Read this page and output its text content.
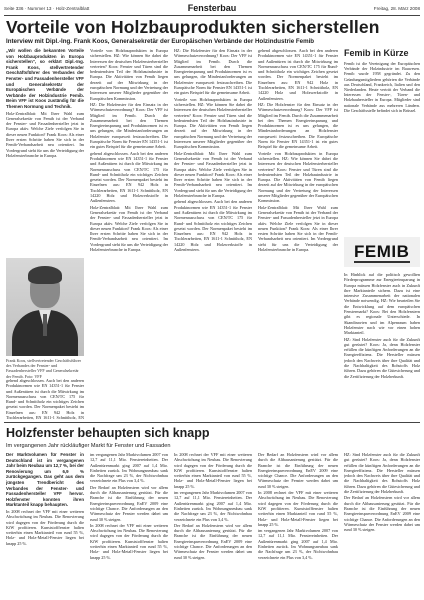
Seite 336 · Nummer 13 · Holz-Zentralblatt	Fensterbau	Freitag, 28. März 2008
Vorteile von Holzbauprodukten sicherstellen
Interview mit Dipl.-Ing. Frank Koos, Generalsekretär der Europäischen Verbände der Holzindustrie Femib

„Wir wollen die bekannten Vorteile von Holzbauprodukten in Europa sicherstellen“, so erklärt Dipl.-Ing. Frank Koos, stellvertretender Geschäftsführer des Verbandes der Fenster- und Fassadenhersteller VFF und Generalsekretär der Europäischen Verbände der Verbände der Holzindustrie Femib. Beim VFF ist Koos zuständig für die Themen Normung und Technik.

Holz-Zentralblatt: Mit Ihrer Wahl zum Generalsekretär von Femib ist der Verband der Fenster- und Fassadenhersteller jetzt in Europa aktiv. Welche Ziele verfolgen Sie in dieser neuen Funktion? Frank Koos: Als einer Ihrer ersten Schritte haben Sie sich in der Femib-Verbandsarbeit neu orientiert. Im Vordergrund steht für uns die Verteidigung der Holzfensterbranche in Europa.

Frank Koos, stellvertretender Geschäftsführer des Verbandes der Fenster- und Fassadenhersteller VFF und Generalsekretär der Femib. Foto: VFF

gehend abgeschlossen. Auch bei den anderen Produktnormen wie EN 14351-1 für Fenster und Außentüren ist durch die Mitwirkung im Normenausschuss von CEN/TC 175 für Rund- und Schnittholz ein wichtiges Zeichen gesetzt worden. Der Normenpaket besteht im Einzelnen aus: EN 942 Holz in Tischlerarbeiten, EN 1611-1 Schnittholz, EN

Vorteile von Holzbauprodukten in Europa sicherstellen. HZ: Wie können Sie dabei die Interessen der deutschen Holzfensterhersteller vertreten? Koos: Fenster und Türen sind die bedeutendsten Teil der Holzbauindustrie in Europa. Die Aktivitäten von Femib liegen derzeit auf der Mitwirkung in der europäischen Normung und der Vertretung der Interessen unserer Mitglieder gegenüber der Europäischen Kommission.

HZ: Die Holzfenster für den Einsatz in der Wärmeschutzverordnung? Koos: Der VFF ist Mitglied im Femib. Durch die Zusammenarbeit bei den Themen Energieeinsparung und Produktnormen ist es uns gelungen, die Mindestanforderungen an Holzfenster europaweit festzuschreiben. Die Europäische Norm für Fenster EN 14351-1 ist ein gutes Beispiel für die gemeinsame Arbeit.

gehend abgeschlossen. Auch bei den anderen Produktnormen wie EN 14351-1 für Fenster und Außentüren ist durch die Mitwirkung im Normenausschuss von CEN/TC 175 für Rund- und Schnittholz ein wichtiges Zeichen gesetzt worden. Der Normenpaket besteht im Einzelnen aus: EN 942 Holz in Tischlerarbeiten, EN 1611-1 Schnittholz, EN 14220 Holz und Holzwerkstoffe in Außenfenstern.

Holz-Zentralblatt: Mit Ihrer Wahl zum Generalsekretär von Femib ist der Verband der Fenster- und Fassadenhersteller jetzt in Europa aktiv. Welche Ziele verfolgen Sie in dieser neuen Funktion? Frank Koos: Als einer Ihrer ersten Schritte haben Sie sich in der Femib-Verbandsarbeit neu orientiert. Im Vordergrund steht für uns die Verteidigung der Holzfensterbranche in Europa.

HZ: Die Holzfenster für den Einsatz in der Wärmeschutzverordnung? Koos: Der VFF ist Mitglied im Femib. Durch die Zusammenarbeit bei den Themen Energieeinsparung und Produktnormen ist es uns gelungen, die Mindestanforderungen an Holzfenster europaweit festzuschreiben. Die Europäische Norm für Fenster EN 14351-1 ist ein gutes Beispiel für die gemeinsame Arbeit.

Vorteile von Holzbauprodukten in Europa sicherstellen. HZ: Wie können Sie dabei die Interessen der deutschen Holzfensterhersteller vertreten? Koos: Fenster und Türen sind die bedeutendsten Teil der Holzbauindustrie in Europa. Die Aktivitäten von Femib liegen derzeit auf der Mitwirkung in der europäischen Normung und der Vertretung der Interessen unserer Mitglieder gegenüber der Europäischen Kommission.

Holz-Zentralblatt: Mit Ihrer Wahl zum Generalsekretär von Femib ist der Verband der Fenster- und Fassadenhersteller jetzt in Europa aktiv. Welche Ziele verfolgen Sie in dieser neuen Funktion? Frank Koos: Als einer Ihrer ersten Schritte haben Sie sich in der Femib-Verbandsarbeit neu orientiert. Im Vordergrund steht für uns die Verteidigung der Holzfensterbranche in Europa.

gehend abgeschlossen. Auch bei den anderen Produktnormen wie EN 14351-1 für Fenster und Außentüren ist durch die Mitwirkung im Normenausschuss von CEN/TC 175 für Rund- und Schnittholz ein wichtiges Zeichen gesetzt worden. Der Normenpaket besteht im Einzelnen aus: EN 942 Holz in Tischlerarbeiten, EN 1611-1 Schnittholz, EN 14220 Holz und Holzwerkstoffe in Außenfenstern.

gehend abgeschlossen. Auch bei den anderen Produktnormen wie EN 14351-1 für Fenster und Außentüren ist durch die Mitwirkung im Normenausschuss von CEN/TC 175 für Rund- und Schnittholz ein wichtiges Zeichen gesetzt worden. Der Normenpaket besteht im Einzelnen aus: EN 942 Holz in Tischlerarbeiten, EN 1611-1 Schnittholz, EN 14220 Holz und Holzwerkstoffe in Außenfenstern.

HZ: Die Holzfenster für den Einsatz in der Wärmeschutzverordnung? Koos: Der VFF ist Mitglied im Femib. Durch die Zusammenarbeit bei den Themen Energieeinsparung und Produktnormen ist es uns gelungen, die Mindestanforderungen an Holzfenster europaweit festzuschreiben. Die Europäische Norm für Fenster EN 14351-1 ist ein gutes Beispiel für die gemeinsame Arbeit.

Vorteile von Holzbauprodukten in Europa sicherstellen. HZ: Wie können Sie dabei die Interessen der deutschen Holzfensterhersteller vertreten? Koos: Fenster und Türen sind die bedeutendsten Teil der Holzbauindustrie in Europa. Die Aktivitäten von Femib liegen derzeit auf der Mitwirkung in der europäischen Normung und der Vertretung der Interessen unserer Mitglieder gegenüber der Europäischen Kommission.

Holz-Zentralblatt: Mit Ihrer Wahl zum Generalsekretär von Femib ist der Verband der Fenster- und Fassadenhersteller jetzt in Europa aktiv. Welche Ziele verfolgen Sie in dieser neuen Funktion? Frank Koos: Als einer Ihrer ersten Schritte haben Sie sich in der Femib-Verbandsarbeit neu orientiert. Im Vordergrund steht für uns die Verteidigung der Holzfensterbranche in Europa.

Femib in Kürze
Femib ist die Vereinigung der Europäischen Verbände der Holzindustrie im Bauwesen. Femib wurde 1958 gegründet. Zu den Gründungsmitgliedern gehörten die Verbände aus Deutschland, Frankreich, Italien und den Niederlanden. Heute vertritt der Verband die Interessen der Fenster-, Türen- und Holzbauhersteller in Europa. Mitglieder sind nationale Verbände aus mehreren Ländern. Die Geschäftsstelle befindet sich in Brüssel.
FEMIB

In Hinblick auf die politisch gewollten Förderprogramme zur Energieeinsparung in Europa müssen Holzfenster auch in Zukunft ihre Marktanteile sichern. Dazu ist eine intensive Zusammenarbeit der nationalen Verbände notwendig. HZ: Wie beurteilen Sie die Entwicklung auf dem europäischen Fenstermarkt? Koos: Bei den Holzfenstern gibt es regionale Unterschiede. In Skandinavien und im Alpenraum haben Holzfenster nach wie vor einen hohen Marktanteil.

HZ: Sind Holzfenster auch für die Zukunft gut gerüstet? Koos: Ja, denn Holzfenster erfüllen die künftigen Anforderungen an die Energieeffizienz. Die Hersteller müssen jedoch den Nachweis über ihre Qualität und die Nachhaltigkeit des Rohstoffs Holz führen. Dazu gehören die Gütesicherung und die Zertifizierung der Holzherkunft.

Holzfenster behaupten sich knapp
Im vergangenen Jahr rückläufiger Markt für Fenster und Fassaden

Der Marktvolumen für Fenster in Deutschland ist im vergangenen Jahr beim Neubau um 12,7 %, bei der Renovierung um 6,9 % zurückgegangen. Das geht aus dem jüngsten Trendbericht des Verbandes der Fenster- und Fassadenhersteller VFF hervor. Holzfenster konnten ihren Marktanteil knapp behaupten.

In 2008 rechnet der VFF mit einer weiteren Abschwächung im Neubau. Die Renovierung wird dagegen von der Förderung durch die KfW profitieren. Kunststofffenster halten weiterhin einen Marktanteil von rund 55 %, Holz- und Holz-Metall-Fenster liegen bei knapp 25 %.

im vergangenen Jahr Marktvolumen 2007 von 12,7 auf 11,1 Mio. Fenstereinheiten. Der Außentürenmarkt ging 2007 auf 1,4 Mio. Einheiten zurück. Im Wohnungsneubau sank die Nachfrage um 23 %, der Nichtwohnbau verzeichnete ein Plus von 3,4 %.

Der Bedarf an Holzfenstern wird vor allem durch die Altbausanierung gestützt. Für die Branche ist die Einführung der neuen Energieeinsparverordnung EnEV 2009 eine wichtige Chance. Die Anforderungen an den Wärmeschutz der Fenster werden dabei um rund 30 % steigen.

In 2008 rechnet der VFF mit einer weiteren Abschwächung im Neubau. Die Renovierung wird dagegen von der Förderung durch die KfW profitieren. Kunststofffenster halten weiterhin einen Marktanteil von rund 55 %, Holz- und Holz-Metall-Fenster liegen bei knapp 25 %.

In 2008 rechnet der VFF mit einer weiteren Abschwächung im Neubau. Die Renovierung wird dagegen von der Förderung durch die KfW profitieren. Kunststofffenster halten weiterhin einen Marktanteil von rund 55 %, Holz- und Holz-Metall-Fenster liegen bei knapp 25 %.

im vergangenen Jahr Marktvolumen 2007 von 12,7 auf 11,1 Mio. Fenstereinheiten. Der Außentürenmarkt ging 2007 auf 1,4 Mio. Einheiten zurück. Im Wohnungsneubau sank die Nachfrage um 23 %, der Nichtwohnbau verzeichnete ein Plus von 3,4 %.

Der Bedarf an Holzfenstern wird vor allem durch die Altbausanierung gestützt. Für die Branche ist die Einführung der neuen Energieeinsparverordnung EnEV 2009 eine wichtige Chance. Die Anforderungen an den Wärmeschutz der Fenster werden dabei um rund 30 % steigen.

Der Bedarf an Holzfenstern wird vor allem durch die Altbausanierung gestützt. Für die Branche ist die Einführung der neuen Energieeinsparverordnung EnEV 2009 eine wichtige Chance. Die Anforderungen an den Wärmeschutz der Fenster werden dabei um rund 30 % steigen.

In 2008 rechnet der VFF mit einer weiteren Abschwächung im Neubau. Die Renovierung wird dagegen von der Förderung durch die KfW profitieren. Kunststofffenster halten weiterhin einen Marktanteil von rund 55 %, Holz- und Holz-Metall-Fenster liegen bei knapp 25 %.

im vergangenen Jahr Marktvolumen 2007 von 12,7 auf 11,1 Mio. Fenstereinheiten. Der Außentürenmarkt ging 2007 auf 1,4 Mio. Einheiten zurück. Im Wohnungsneubau sank die Nachfrage um 23 %, der Nichtwohnbau verzeichnete ein Plus von 3,4 %.

HZ: Sind Holzfenster auch für die Zukunft gut gerüstet? Koos: Ja, denn Holzfenster erfüllen die künftigen Anforderungen an die Energieeffizienz. Die Hersteller müssen jedoch den Nachweis über ihre Qualität und die Nachhaltigkeit des Rohstoffs Holz führen. Dazu gehören die Gütesicherung und die Zertifizierung der Holzherkunft.

Der Bedarf an Holzfenstern wird vor allem durch die Altbausanierung gestützt. Für die Branche ist die Einführung der neuen Energieeinsparverordnung EnEV 2009 eine wichtige Chance. Die Anforderungen an den Wärmeschutz der Fenster werden dabei um rund 30 % steigen.
